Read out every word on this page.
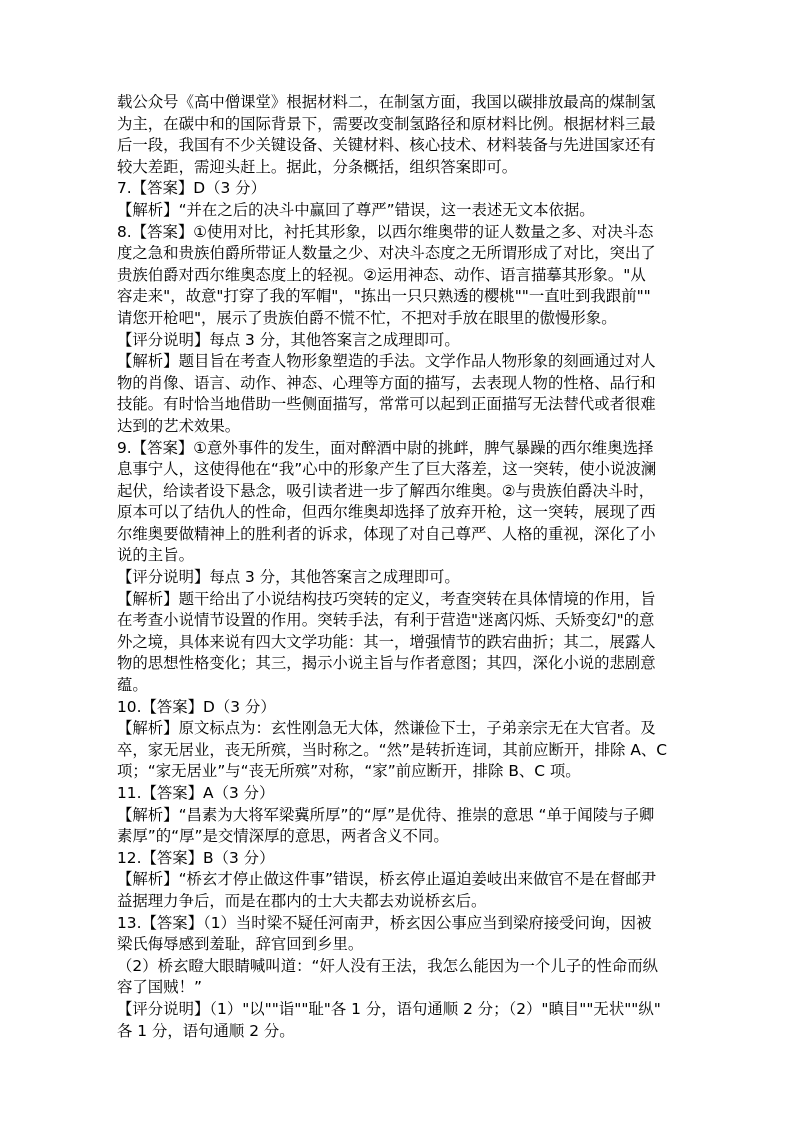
载公众号《高中僧课堂》根据材料二，在制氢方面，我国以碳排放最高的煤制氢
为主，在碳中和的国际背景下，需要改变制氢路径和原材料比例。根据材料三最
后一段，我国有不少关键设备、关键材料、核心技术、材料装备与先进国家还有
较大差距，需迎头赶上。据此，分条概括，组织答案即可。
7.【答案】D（3 分）
【解析】“并在之后的决斗中赢回了尊严”错误，这一表述无文本依据。
8.【答案】①使用对比，衬托其形象，以西尔维奥带的证人数量之多、对决斗态
度之急和贵族伯爵所带证人数量之少、对决斗态度之无所谓形成了对比，突出了
贵族伯爵对西尔维奥态度上的轻视。②运用神态、动作、语言描摹其形象。"从
容走来"，故意"打穿了我的军帽"，"拣出一只只熟透的樱桃""一直吐到我跟前""
请您开枪吧"，展示了贵族伯爵不慌不忙，不把对手放在眼里的傲慢形象。
【评分说明】每点 3 分，其他答案言之成理即可。
【解析】题目旨在考查人物形象塑造的手法。文学作品人物形象的刻画通过对人
物的肖像、语言、动作、神态、心理等方面的描写，去表现人物的性格、品行和
技能。有时恰当地借助一些侧面描写，常常可以起到正面描写无法替代或者很难
达到的艺术效果。
9.【答案】①意外事件的发生，面对醉酒中尉的挑衅，脾气暴躁的西尔维奥选择
息事宁人，这使得他在“我”心中的形象产生了巨大落差，这一突转，使小说波澜
起伏，给读者设下悬念，吸引读者进一步了解西尔维奥。②与贵族伯爵决斗时，
原本可以了结仇人的性命，但西尔维奥却选择了放弃开枪，这一突转，展现了西
尔维奥要做精神上的胜利者的诉求，体现了对自己尊严、人格的重视，深化了小
说的主旨。
【评分说明】每点 3 分，其他答案言之成理即可。
【解析】题干给出了小说结构技巧突转的定义，考查突转在具体情境的作用，旨
在考查小说情节设置的作用。突转手法，有利于营造"迷离闪烁、夭矫变幻"的意
外之境，具体来说有四大文学功能：其一，增强情节的跌宕曲折；其二，展露人
物的思想性格变化；其三，揭示小说主旨与作者意图；其四，深化小说的悲剧意
蕴。
10.【答案】D（3 分）
【解析】原文标点为：玄性刚急无大体，然谦俭下士，子弟亲宗无在大官者。及
卒，家无居业，丧无所殡，当时称之。“然”是转折连词，其前应断开，排除 A、C
项；“家无居业”与“丧无所殡”对称，“家”前应断开，排除 B、C 项。
11.【答案】A（3 分）
【解析】“昌素为大将军梁冀所厚”的“厚”是优待、推崇的意思 “单于闻陵与子卿
素厚”的“厚”是交情深厚的意思，两者含义不同。
12.【答案】B（3 分）
【解析】“桥玄才停止做这件事”错误，桥玄停止逼迫姜岐出来做官不是在督邮尹
益据理力争后，而是在郡内的士大夫都去劝说桥玄后。
13.【答案】（1）当时梁不疑任河南尹，桥玄因公事应当到梁府接受问询，因被
梁氏侮辱感到羞耻，辞官回到乡里。
（2）桥玄瞪大眼睛喊叫道：“奸人没有王法，我怎么能因为一个儿子的性命而纵
容了国贼！”
【评分说明】（1）"以""诣""耻"各 1 分，语句通顺 2 分；（2）"瞋目""无状""纵"
各 1 分，语句通顺 2 分。
